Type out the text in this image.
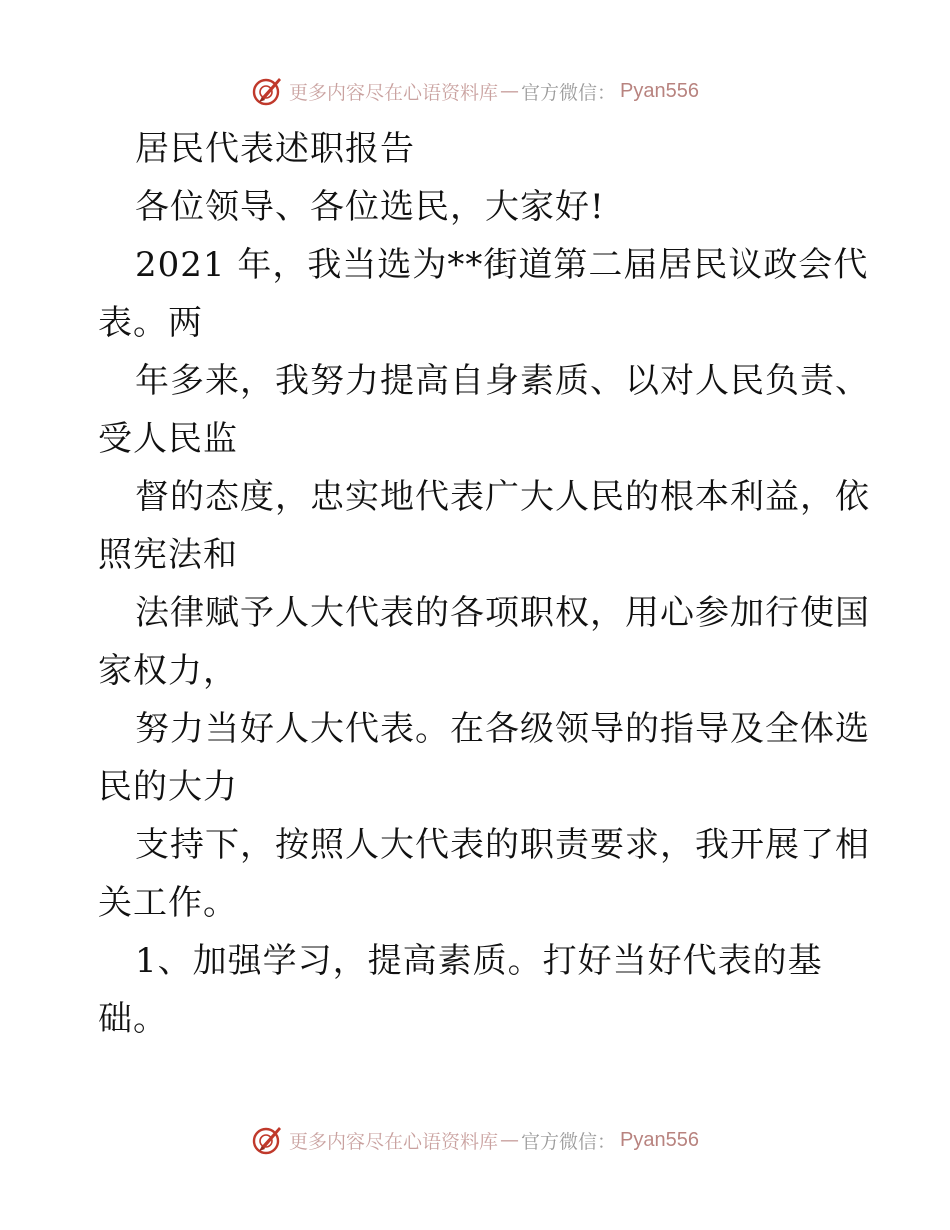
更多内容尽在心语资料库 — 官方微信： Pyan556
居民代表述职报告
各位领导、各位选民，大家好!
2021 年，我当选为**街道第二届居民议政会代
表。两
年多来，我努力提高自身素质、以对人民负责、
受人民监
督的态度，忠实地代表广大人民的根本利益，依
照宪法和
法律赋予人大代表的各项职权，用心参加行使国
家权力，
努力当好人大代表。在各级领导的指导及全体选
民的大力
支持下，按照人大代表的职责要求，我开展了相
关工作。
1、加强学习，提高素质。打好当好代表的基
础。
更多内容尽在心语资料库 — 官方微信： Pyan556
